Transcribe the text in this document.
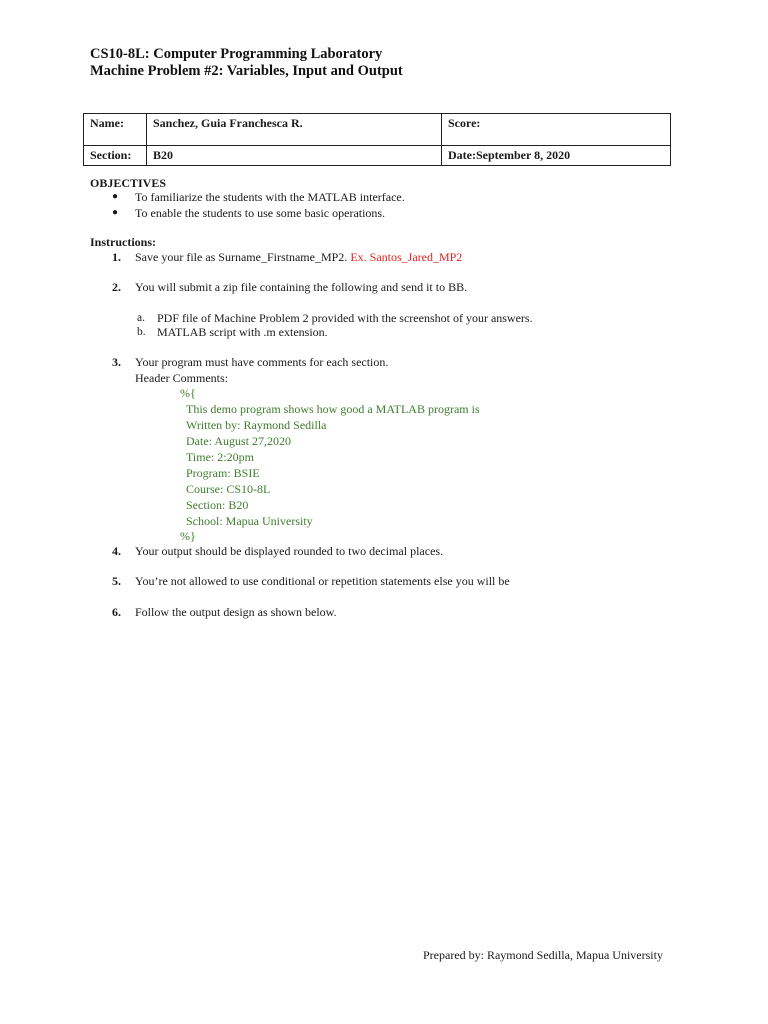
CS10-8L: Computer Programming Laboratory
Machine Problem #2: Variables, Input and Output
Name:	Sanchez, Guia Franchesca R.	Score:
Section:	B20	Date:September 8, 2020
OBJECTIVES
● To familiarize the students with the MATLAB interface.
● To enable the students to use some basic operations.
Instructions:
1. Save your file as Surname_Firstname_MP2. Ex. Santos_Jared_MP2
2. You will submit a zip file containing the following and send it to BB.
a. PDF file of Machine Problem 2 provided with the screenshot of your answers.
b. MATLAB script with .m extension.
3. Your program must have comments for each section.
Header Comments:
%{
This demo program shows how good a MATLAB program is
Written by: Raymond Sedilla
Date: August 27,2020
Time: 2:20pm
Program: BSIE
Course: CS10-8L
Section: B20
School: Mapua University
%}
4. Your output should be displayed rounded to two decimal places.
5. You’re not allowed to use conditional or repetition statements else you will be
6. Follow the output design as shown below.
Prepared by: Raymond Sedilla, Mapua University
